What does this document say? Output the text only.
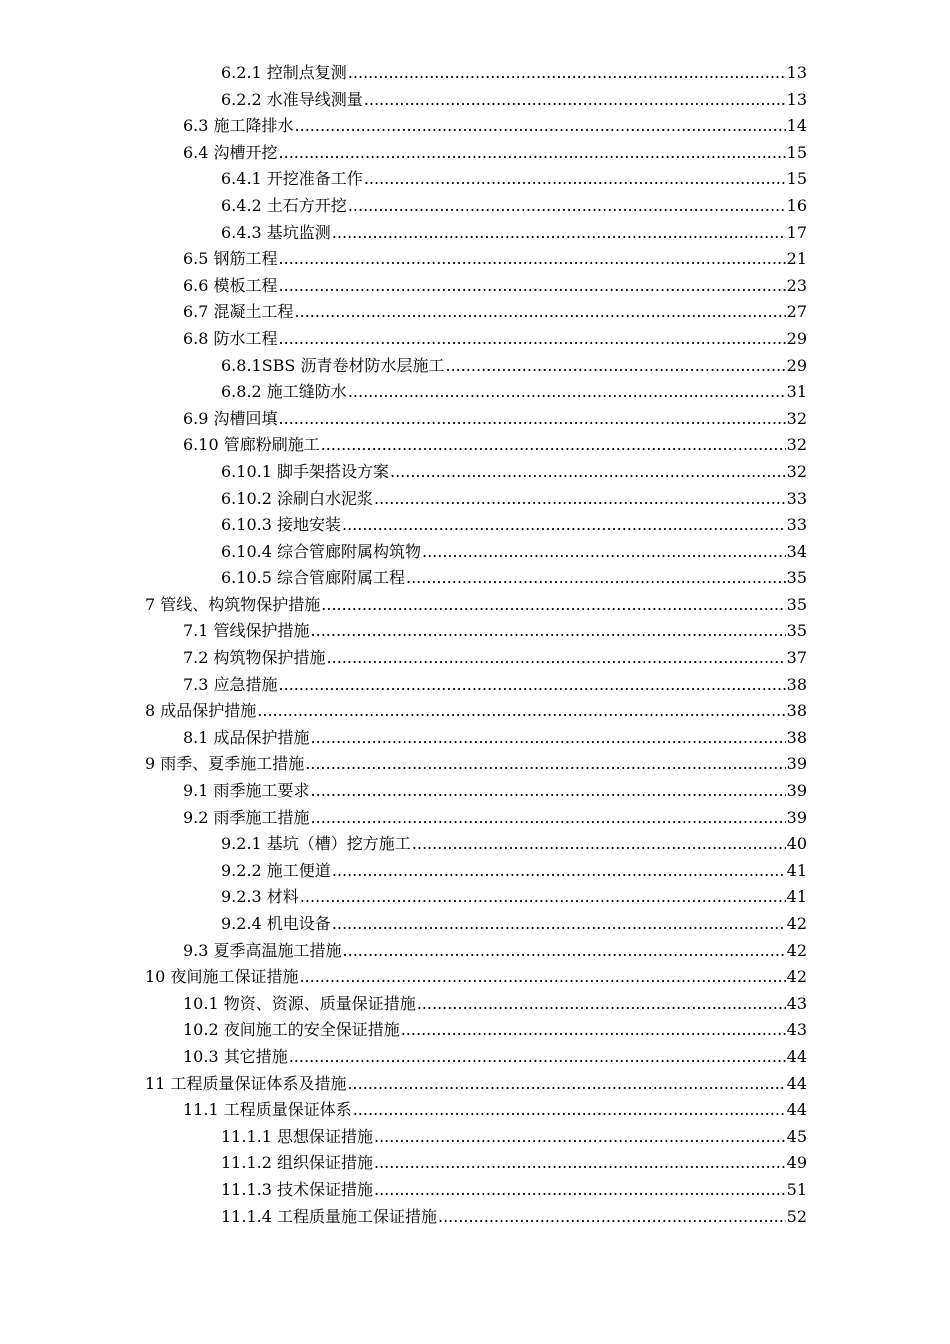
6.2.1 控制点复测 .....	13
6.2.2 水准导线测量 .....	13
6.3 施工降排水 .....	14
6.4 沟槽开挖 .....	15
6.4.1 开挖准备工作 .....	15
6.4.2 土石方开挖 .....	16
6.4.3 基坑监测 .....	17
6.5 钢筋工程 .....	21
6.6 模板工程 .....	23
6.7 混凝土工程 .....	27
6.8 防水工程 .....	29
6.8.1SBS 沥青卷材防水层施工 .....	29
6.8.2 施工缝防水 .....	31
6.9 沟槽回填 .....	32
6.10 管廊粉刷施工 .....	32
6.10.1 脚手架搭设方案 .....	32
6.10.2 涂刷白水泥浆 .....	33
6.10.3 接地安装 .....	33
6.10.4 综合管廊附属构筑物 .....	34
6.10.5 综合管廊附属工程 .....	35
7 管线、构筑物保护措施 .....	35
7.1 管线保护措施 .....	35
7.2 构筑物保护措施 .....	37
7.3 应急措施 .....	38
8 成品保护措施 .....	38
8.1 成品保护措施 .....	38
9 雨季、夏季施工措施 .....	39
9.1 雨季施工要求 .....	39
9.2 雨季施工措施 .....	39
9.2.1 基坑（槽）挖方施工 .....	40
9.2.2 施工便道 .....	41
9.2.3 材料 .....	41
9.2.4 机电设备 .....	42
9.3 夏季高温施工措施 .....	42
10 夜间施工保证措施 .....	42
10.1 物资、资源、质量保证措施 .....	43
10.2 夜间施工的安全保证措施 .....	43
10.3 其它措施 .....	44
11 工程质量保证体系及措施 .....	44
11.1 工程质量保证体系 .....	44
11.1.1 思想保证措施 .....	45
11.1.2 组织保证措施 .....	49
11.1.3 技术保证措施 .....	51
11.1.4 工程质量施工保证措施 .....	52
